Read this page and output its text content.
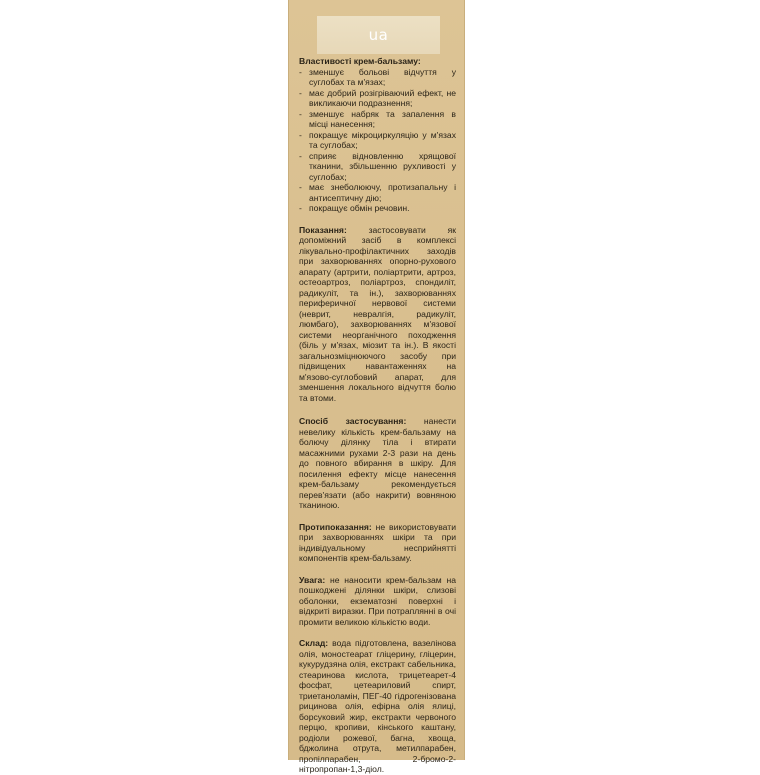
ua
Властивості крем-бальзаму:
- зменшує больові відчуття у суглобах та м'язах;
- має добрий розігріваючий ефект, не викликаючи подразнення;
- зменшує набряк та запалення в місці нанесення;
- покращує мікроциркуляцію у м'язах та суглобах;
- сприяє відновленню хрящової тканини, збільшенню рухливості у суглобах;
- має знеболюючу, протизапальну і антисептичну дію;
- покращує обмін речовин.

Показання:	застосовувати як допоміжний засіб в комплексі лікувально-профілактичних заходів при захворюваннях опорно-рухового апарату (артрити, поліартрити, артроз, остеоартроз, поліартроз, спондиліт, радикуліт, та ін.), захворюваннях периферичної нервової системи (неврит, невралгія, радикуліт, люмбаго), захворюваннях м'язової системи неорганічного походження (біль у м'язах, міозит та ін.). В якості загальнозміцнюючого засобу при підвищених навантаженнях на м'язово-суглобовий апарат, для зменшення локального відчуття болю та втоми.

Спосіб застосування: нанести невелику кількість крем-бальзаму на болючу ділянку тіла і втирати масажними рухами 2-3 рази на день до повного вбирання в шкіру. Для посилення ефекту місце нанесення крем-бальзаму рекомендується перев'язати (або накрити) вовняною тканиною.

Протипоказання: не використовувати при захворюваннях шкіри та при індивідуальному несприйнятті компонентів крем-бальзаму.

Увага: не наносити крем-бальзам на пошкоджені ділянки шкіри, слизові оболонки, екзематозні поверхні і відкриті виразки. При потраплянні в очі промити великою кількістю води.

Склад: вода підготовлена, вазелінова олія, моностеарат гліцерину, гліцерин, кукурудзяна олія, екстракт сабельника, стеаринова кислота, трицетеарет-4 фосфат, цетеариловий спирт, триетаноламін, ПЕГ-40 гідрогенізована рицинова олія, ефірна олія ялиці, борсуковий жир, екстракти червоного перцю, кропиви, кінського каштану, родіоли рожевої, багна, хвоща, бджолина отрута, метилпарабен, пропілпарабен, 2-бромо-2-нітропропан-1,3-діол.
